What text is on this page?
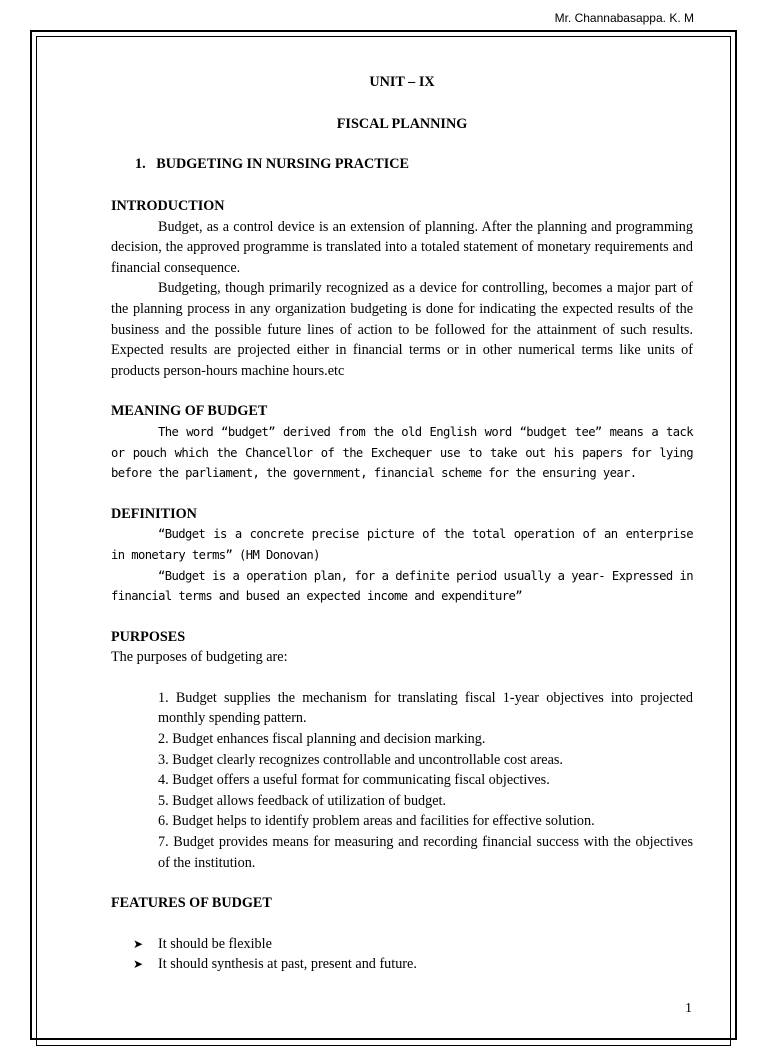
Mr. Channabasappa. K. M
UNIT – IX
FISCAL PLANNING
1.   BUDGETING IN NURSING PRACTICE
INTRODUCTION

Budget, as a control device is an extension of planning. After the planning and programming decision, the approved programme is translated into a totaled statement of monetary requirements and financial consequence.

Budgeting, though primarily recognized as a device for controlling, becomes a major part of the planning process in any organization budgeting is done for indicating the expected results of the business and the possible future lines of action to be followed for the attainment of such results. Expected results are projected either in financial terms or in other numerical terms like units of products person-hours machine hours.etc

MEANING OF BUDGET

The word “budget” derived from the old English word “budget tee” means a tack or pouch which the Chancellor of the Exchequer use to take out his papers for lying before the parliament, the government, financial scheme for the ensuring year.

DEFINITION

“Budget is a concrete precise picture of the total operation of an enterprise in monetary terms” (HM Donovan)

“Budget is a operation plan, for a definite period usually a year- Expressed in financial terms and bused an expected income and expenditure”

PURPOSES

The purposes of budgeting are:

1. Budget supplies the mechanism for translating fiscal 1-year objectives into projected monthly spending pattern.

2. Budget enhances fiscal planning and decision marking.

3. Budget clearly recognizes controllable and uncontrollable cost areas.

4. Budget offers a useful format for communicating fiscal objectives.

5. Budget allows feedback of utilization of budget.

6. Budget helps to identify problem areas and facilities for effective solution.

7. Budget provides means for measuring and recording financial success with the objectives of the institution.

FEATURES OF BUDGET
➤ It should be flexible
➤ It should synthesis at past, present and future.
1
